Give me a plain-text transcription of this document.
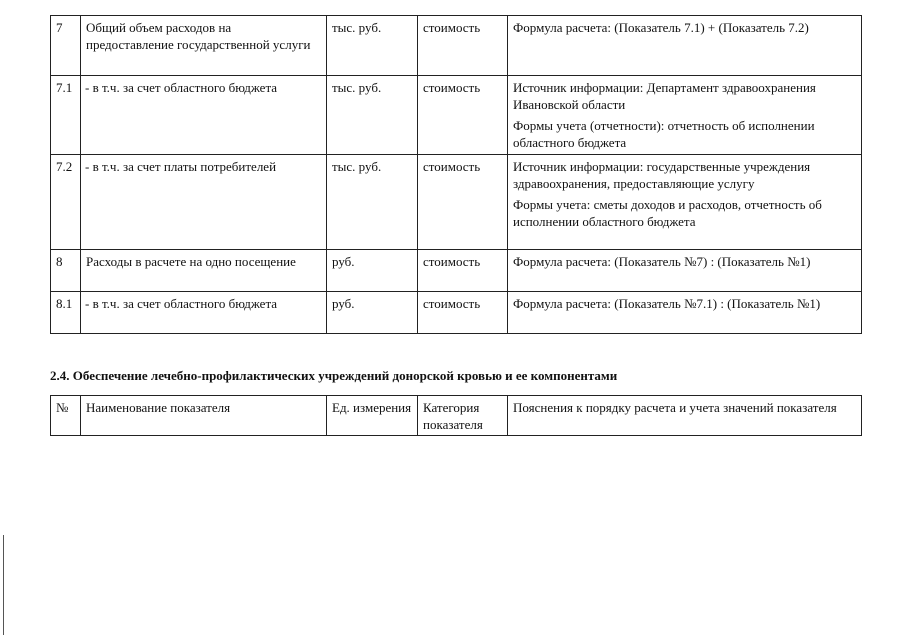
7	Общий объем расходов на предоставление государственной услуги	тыс. руб.	стоимость	Формула расчета: (Показатель 7.1) + (Показатель 7.2)

7.1	- в т.ч. за счет областного бюджета	тыс. руб.	стоимость	Источник информации: Департамент здравоохранения Ивановской области
Формы учета (отчетности): отчетность об исполнении областного бюджета

7.2	- в т.ч. за счет платы потребителей	тыс. руб.	стоимость	Источник информации: государственные учреждения здравоохранения, предоставляющие услугу
Формы учета: сметы доходов и расходов, отчетность об исполнении областного бюджета

8	Расходы в расчете на одно посещение	руб.	стоимость	Формула расчета: (Показатель №7) : (Показатель №1)

8.1	- в т.ч. за счет областного бюджета	руб.	стоимость	Формула расчета: (Показатель №7.1) : (Показатель №1)
2.4. Обеспечение лечебно-профилактических учреждений донорской кровью и ее компонентами
№	Наименование показателя	Ед. измерения	Категория показателя	Пояснения к порядку расчета и учета значений показателя
